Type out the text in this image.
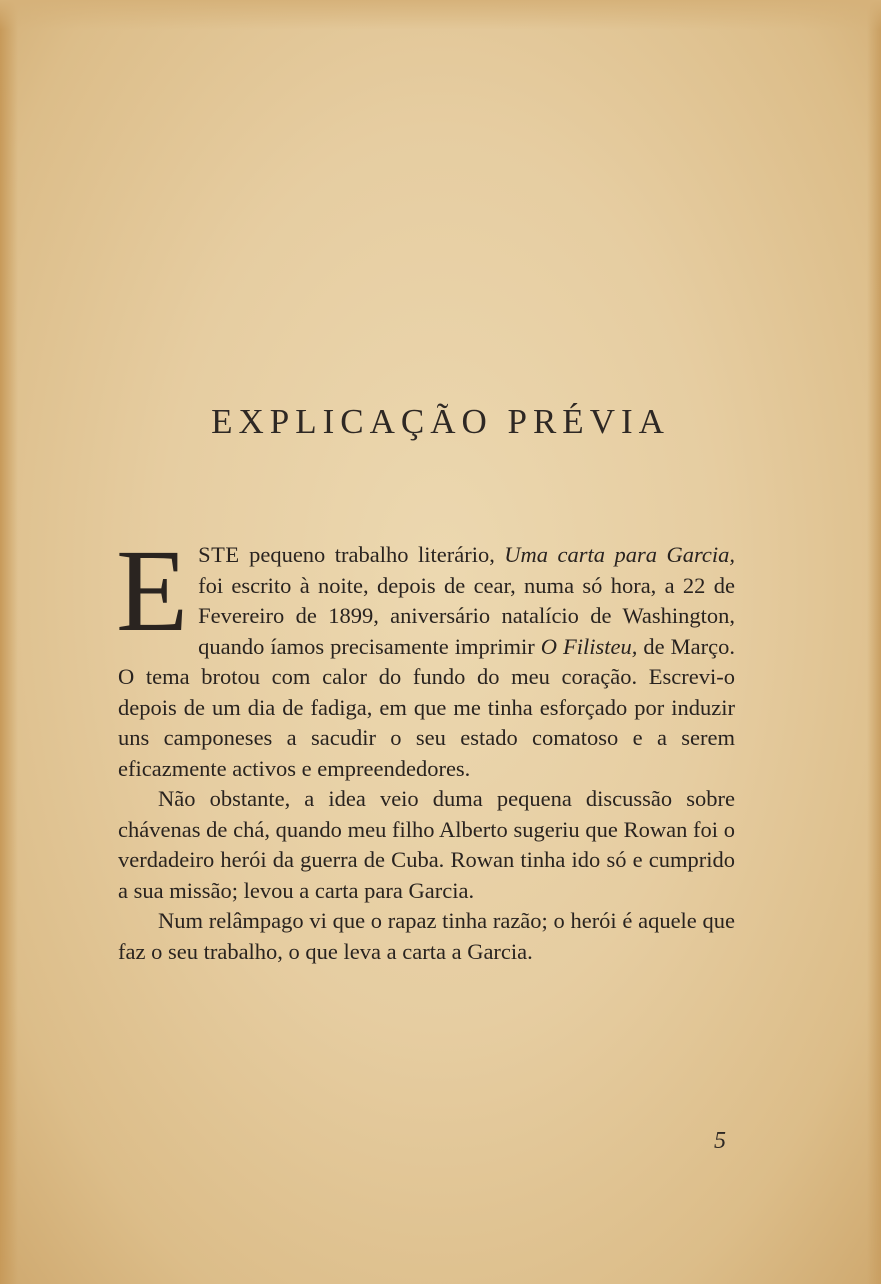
EXPLICAÇÃO PRÉVIA

ESTE pequeno trabalho literário, Uma carta para Garcia, foi escrito à noite, depois de cear, numa só hora, a 22 de Fevereiro de 1899, aniversário natalício de Washington, quando íamos precisamente imprimir O Filisteu, de Março. O tema brotou com calor do fundo do meu coração. Escrevi-o depois de um dia de fadiga, em que me tinha esforçado por induzir uns camponeses a sacudir o seu estado comatoso e a serem eficazmente activos e empreendedores.

Não obstante, a idea veio duma pequena discussão sobre chávenas de chá, quando meu filho Alberto sugeriu que Rowan foi o verdadeiro herói da guerra de Cuba. Rowan tinha ido só e cumprido a sua missão; levou a carta para Garcia.

Num relâmpago vi que o rapaz tinha razão; o herói é aquele que faz o seu trabalho, o que leva a carta a Garcia.

5
